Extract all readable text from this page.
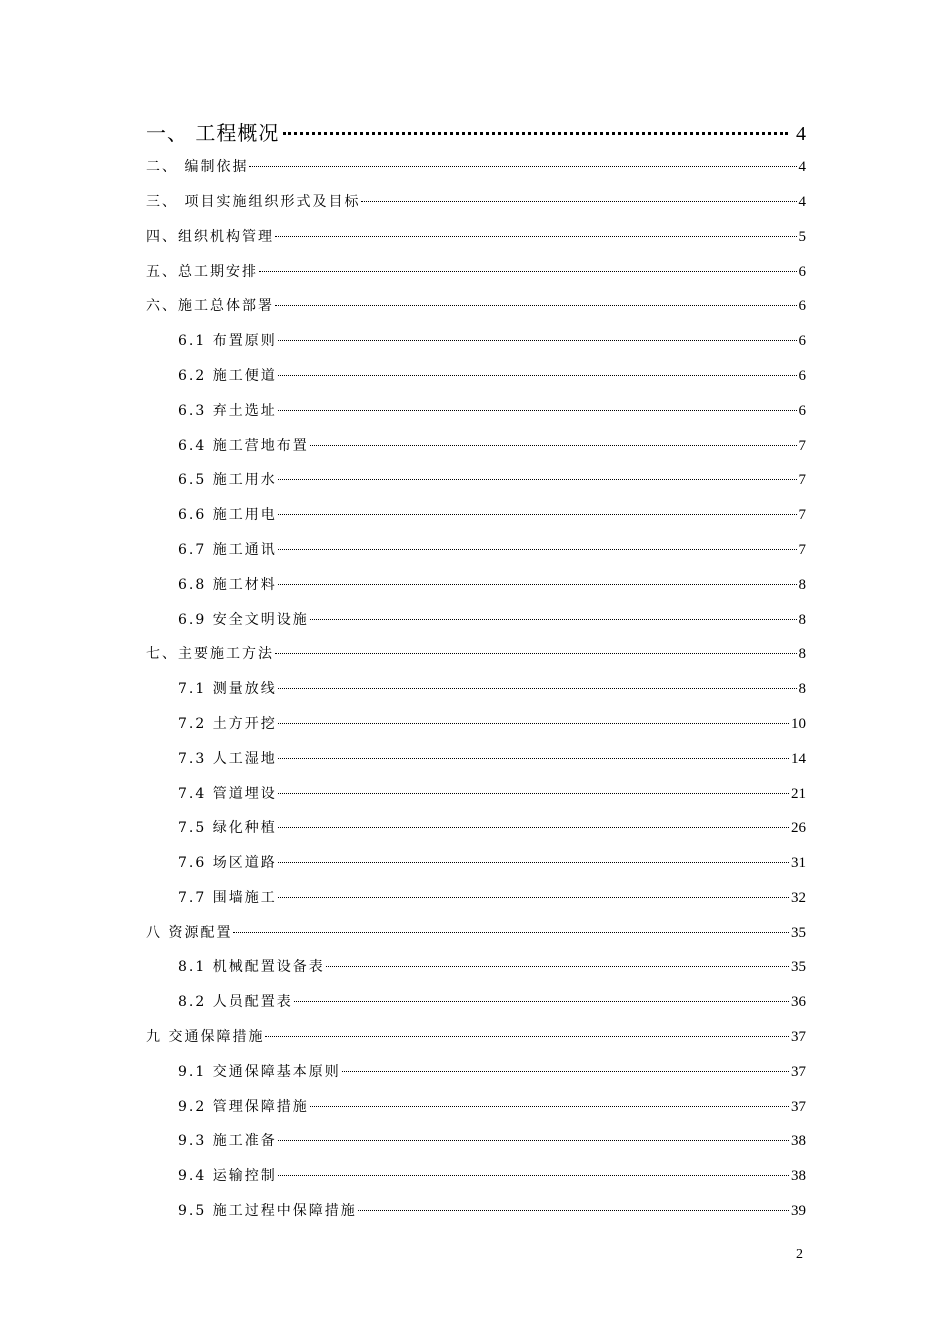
一、 工程概况	4
二、 编制依据	4
三、 项目实施组织形式及目标	4
四、组织机构管理	5
五、总工期安排	6
六、施工总体部署	6
6.1 布置原则	6
6.2 施工便道	6
6.3 弃土选址	6
6.4 施工营地布置	7
6.5 施工用水	7
6.6 施工用电	7
6.7 施工通讯	7
6.8 施工材料	8
6.9 安全文明设施	8
七、主要施工方法	8
7.1 测量放线	8
7.2 土方开挖	10
7.3 人工湿地	14
7.4 管道埋设	21
7.5 绿化种植	26
7.6 场区道路	31
7.7 围墙施工	32
八 资源配置	35
8.1 机械配置设备表	35
8.2 人员配置表	36
九 交通保障措施	37
9.1 交通保障基本原则	37
9.2 管理保障措施	37
9.3 施工准备	38
9.4 运输控制	38
9.5 施工过程中保障措施	39
2
